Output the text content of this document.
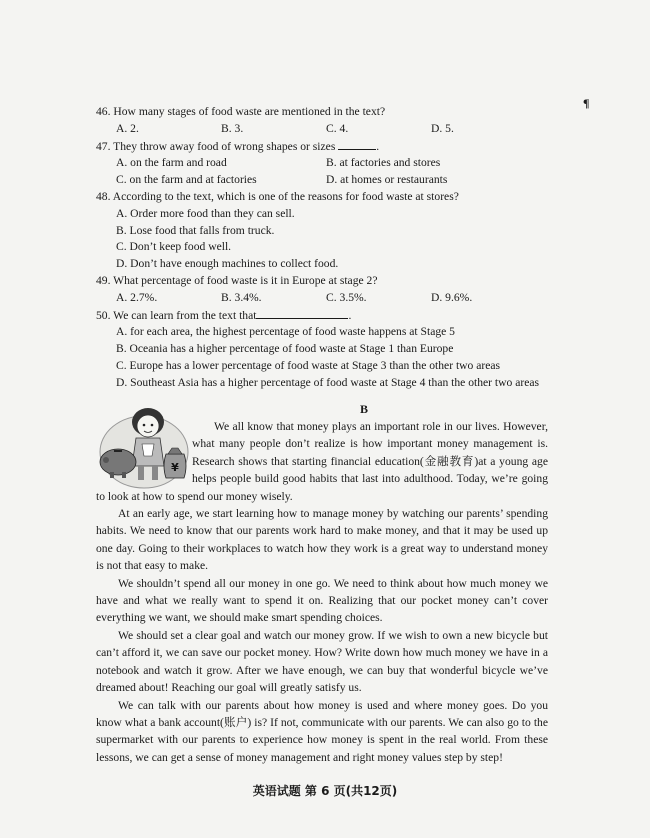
¶
46. How many stages of food waste are mentioned in the text?
A. 2.	B. 3.	C. 4.	D. 5.
47. They throw away food of wrong shapes or sizes	.
A. on the farm and road	B. at factories and stores
C. on the farm and at factories	D. at homes or restaurants
48. According to the text, which is one of the reasons for food waste at stores?
A. Order more food than they can sell.
B. Lose food that falls from truck.
C. Don’t keep food well.
D. Don’t have enough machines to collect food.
49. What percentage of food waste is it in Europe at stage 2?
A. 2.7%.	B. 3.4%.	C. 3.5%.	D. 9.6%.
50. We can learn from the text that	.
A. for each area, the highest percentage of food waste happens at Stage 5
B. Oceania has a higher percentage of food waste at Stage 1 than Europe
C. Europe has a lower percentage of food waste at Stage 3 than the other two areas
D. Southeast Asia has a higher percentage of food waste at Stage 4 than the other two areas
B
¥

We all know that money plays an important role in our lives. However, what many people don’t realize is how important money management is. Research shows that starting financial education(金融教育)at a young age helps people build good habits that last into adulthood. Today, we’re going to look at how to spend our money wisely.

At an early age, we start learning how to manage money by watching our parents’ spending habits. We need to know that our parents work hard to make money, and that it may be used up one day. Going to their workplaces to watch how they work is a great way to understand money is not that easy to make.

We shouldn’t spend all our money in one go. We need to think about how much money we have and what we really want to spend it on. Realizing that our pocket money can’t cover everything we want, we should make smart spending choices.

We should set a clear goal and watch our money grow. If we wish to own a new bicycle but can’t afford it, we can save our pocket money. How? Write down how much money we have in a notebook and watch it grow. After we have enough, we can buy that wonderful bicycle we’ve dreamed about! Reaching our goal will greatly satisfy us.

We can talk with our parents about how money is used and where money goes. Do you know what a bank account(账户) is? If not, communicate with our parents. We can also go to the supermarket with our parents to experience how money is spent in the real world. From these lessons, we can get a sense of money management and right money values step by step!

英语试题 第 6 页(共12页)
